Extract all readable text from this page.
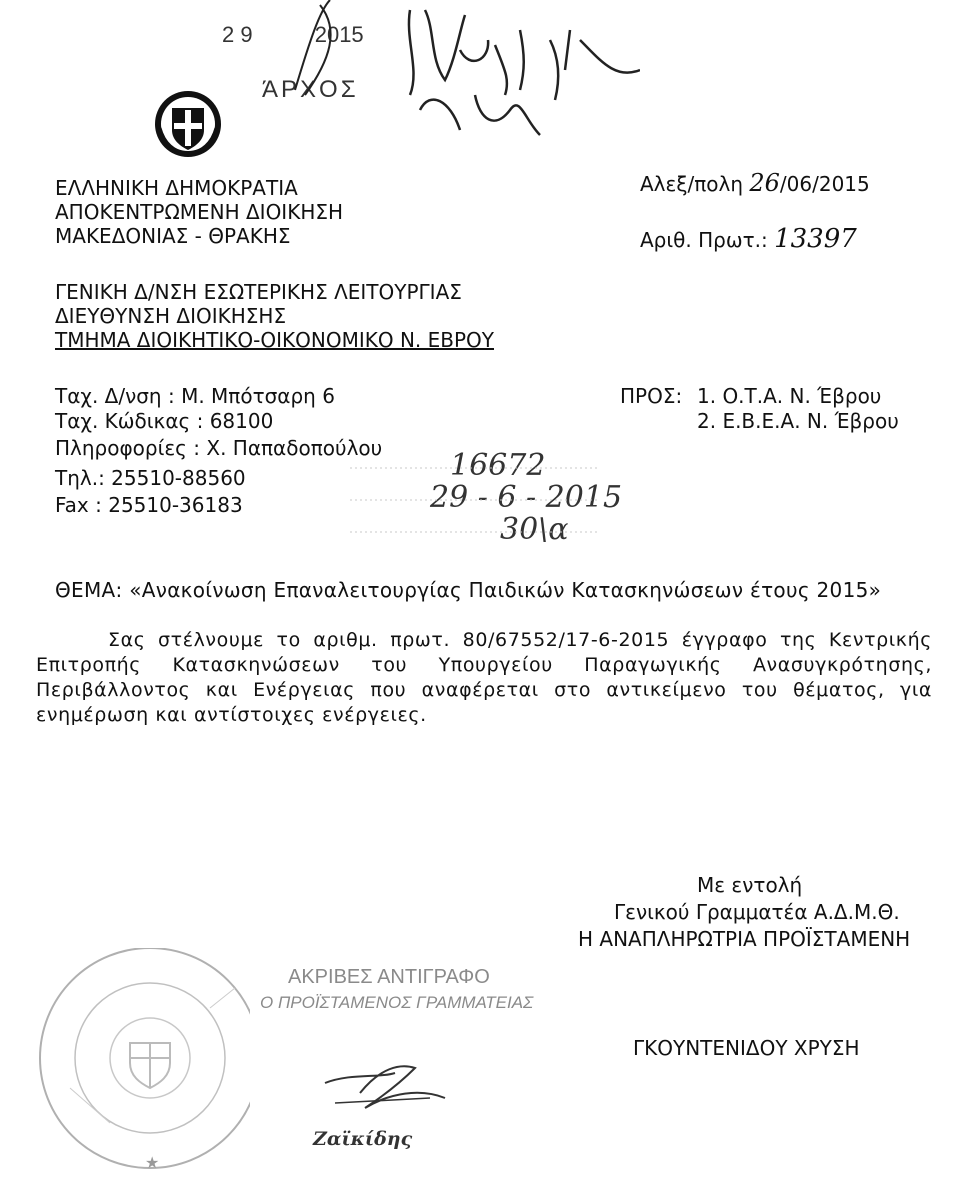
2 9	2015
ΆΡΧΟΣ
ΕΛΛΗΝΙΚΗ ΔΗΜΟΚΡΑΤΙΑ
ΑΠΟΚΕΝΤΡΩΜΕΝΗ ΔΙΟΙΚΗΣΗ
ΜΑΚΕΔΟΝΙΑΣ - ΘΡΑΚΗΣ
ΓΕΝΙΚΗ Δ/ΝΣΗ ΕΣΩΤΕΡΙΚΗΣ ΛΕΙΤΟΥΡΓΙΑΣ
ΔΙΕΥΘΥΝΣΗ ΔΙΟΙΚΗΣΗΣ
ΤΜΗΜΑ ΔΙΟΙΚΗΤΙΚΟ-ΟΙΚΟΝΟΜΙΚΟ Ν. ΕΒΡΟΥ
Αλεξ/πολη 26/06/2015
Αριθ. Πρωτ.: 13397
Ταχ. Δ/νση : Μ. Μπότσαρη 6
Ταχ. Κώδικας : 68100
Πληροφορίες : Χ. Παπαδοπούλου
Τηλ.: 25510-88560
Fax : 25510-36183
ΠΡΟΣ: 1. Ο.Τ.Α. Ν. Έβρου
2. Ε.Β.Ε.Α. Ν. Έβρου
16672
29 - 6 - 2015
30\α
ΘΕΜΑ: «Ανακοίνωση Επαναλειτουργίας Παιδικών Κατασκηνώσεων έτους 2015»
Σας στέλνουμε το αριθμ. πρωτ. 80/67552/17-6-2015 έγγραφο της Κεντρικής Επιτροπής Κατασκηνώσεων του Υπουργείου Παραγωγικής Ανασυγκρότησης, Περιβάλλοντος και Ενέργειας που αναφέρεται στο αντικείμενο του θέματος, για ενημέρωση και αντίστοιχες ενέργειες.
Με εντολή
Γενικού Γραμματέα Α.Δ.Μ.Θ.
Η ΑΝΑΠΛΗΡΩΤΡΙΑ ΠΡΟΪΣΤΑΜΕΝΗ
ΓΚΟΥΝΤΕΝΙΔΟΥ ΧΡΥΣΗ
★
ΑΚΡΙΒΕΣ ΑΝΤΙΓΡΑΦΟ
Ο ΠΡΟΪΣΤΑΜΕΝΟΣ ΓΡΑΜΜΑΤΕΙΑΣ
Ζαϊκίδης
